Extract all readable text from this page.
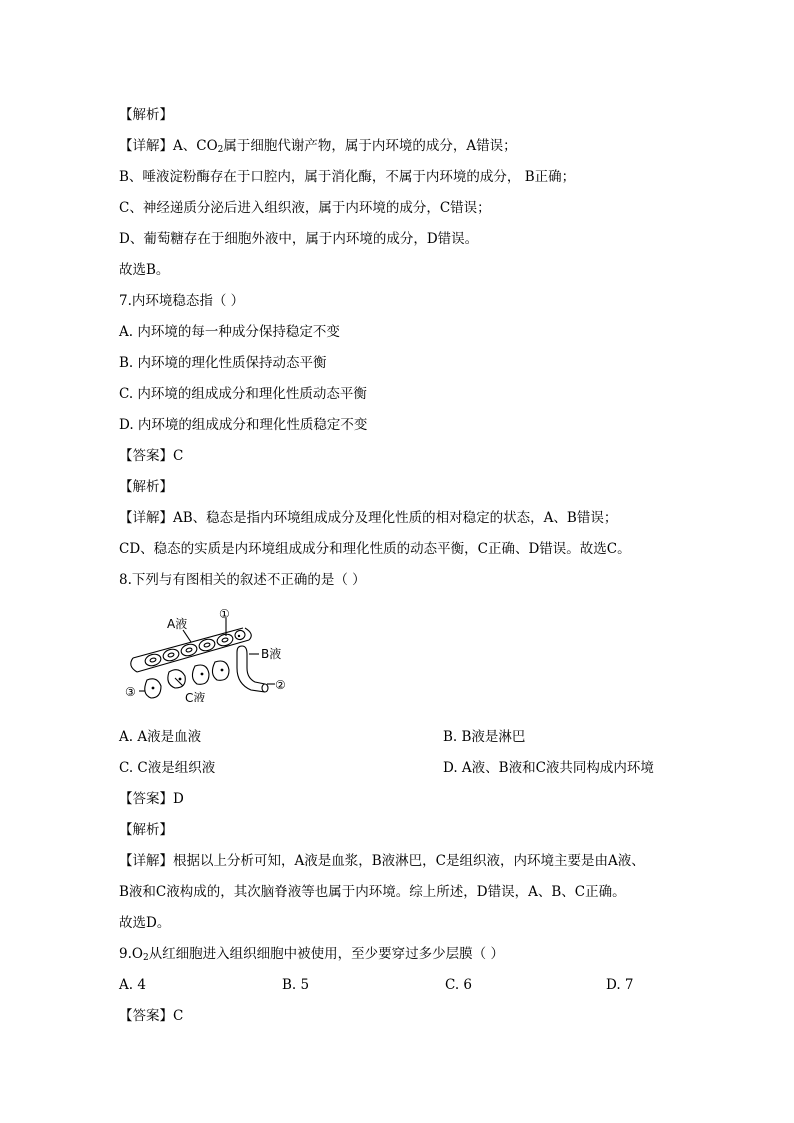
【解析】
【详解】A、$CO_2$属于细胞代谢产物，属于内环境的成分，A错误；
B、唾液淀粉酶存在于口腔内，属于消化酶，不属于内环境的成分， B正确；
C、神经递质分泌后进入组织液，属于内环境的成分，C错误；
D、葡萄糖存在于细胞外液中，属于内环境的成分，D错误。
故选B。
7.内环境稳态指（ ）
A. 内环境的每一种成分保持稳定不变
B. 内环境的理化性质保持动态平衡
C. 内环境的组成成分和理化性质动态平衡
D. 内环境的组成成分和理化性质稳定不变
【答案】C
【解析】
【详解】AB、稳态是指内环境组成成分及理化性质的相对稳定的状态，A、B错误；
CD、稳态的实质是内环境组成成分和理化性质的动态平衡，C正确、D错误。故选C。
8.下列与有图相关的叙述不正确的是（ ）
A液
①
B液
②
C液
③
A. A液是血液	B. B液是淋巴
C. C液是组织液	D. A液、B液和C液共同构成内环境
【答案】D
【解析】
【详解】根据以上分析可知，A液是血浆，B液淋巴，C是组织液，内环境主要是由A液、
B液和C液构成的，其次脑脊液等也属于内环境。综上所述，D错误，A、B、C正确。
故选D。
$9.O_2$从红细胞进入组织细胞中被使用，至少要穿过多少层膜（ ）
A. 4	B. 5	C. 6	D. 7
【答案】C
